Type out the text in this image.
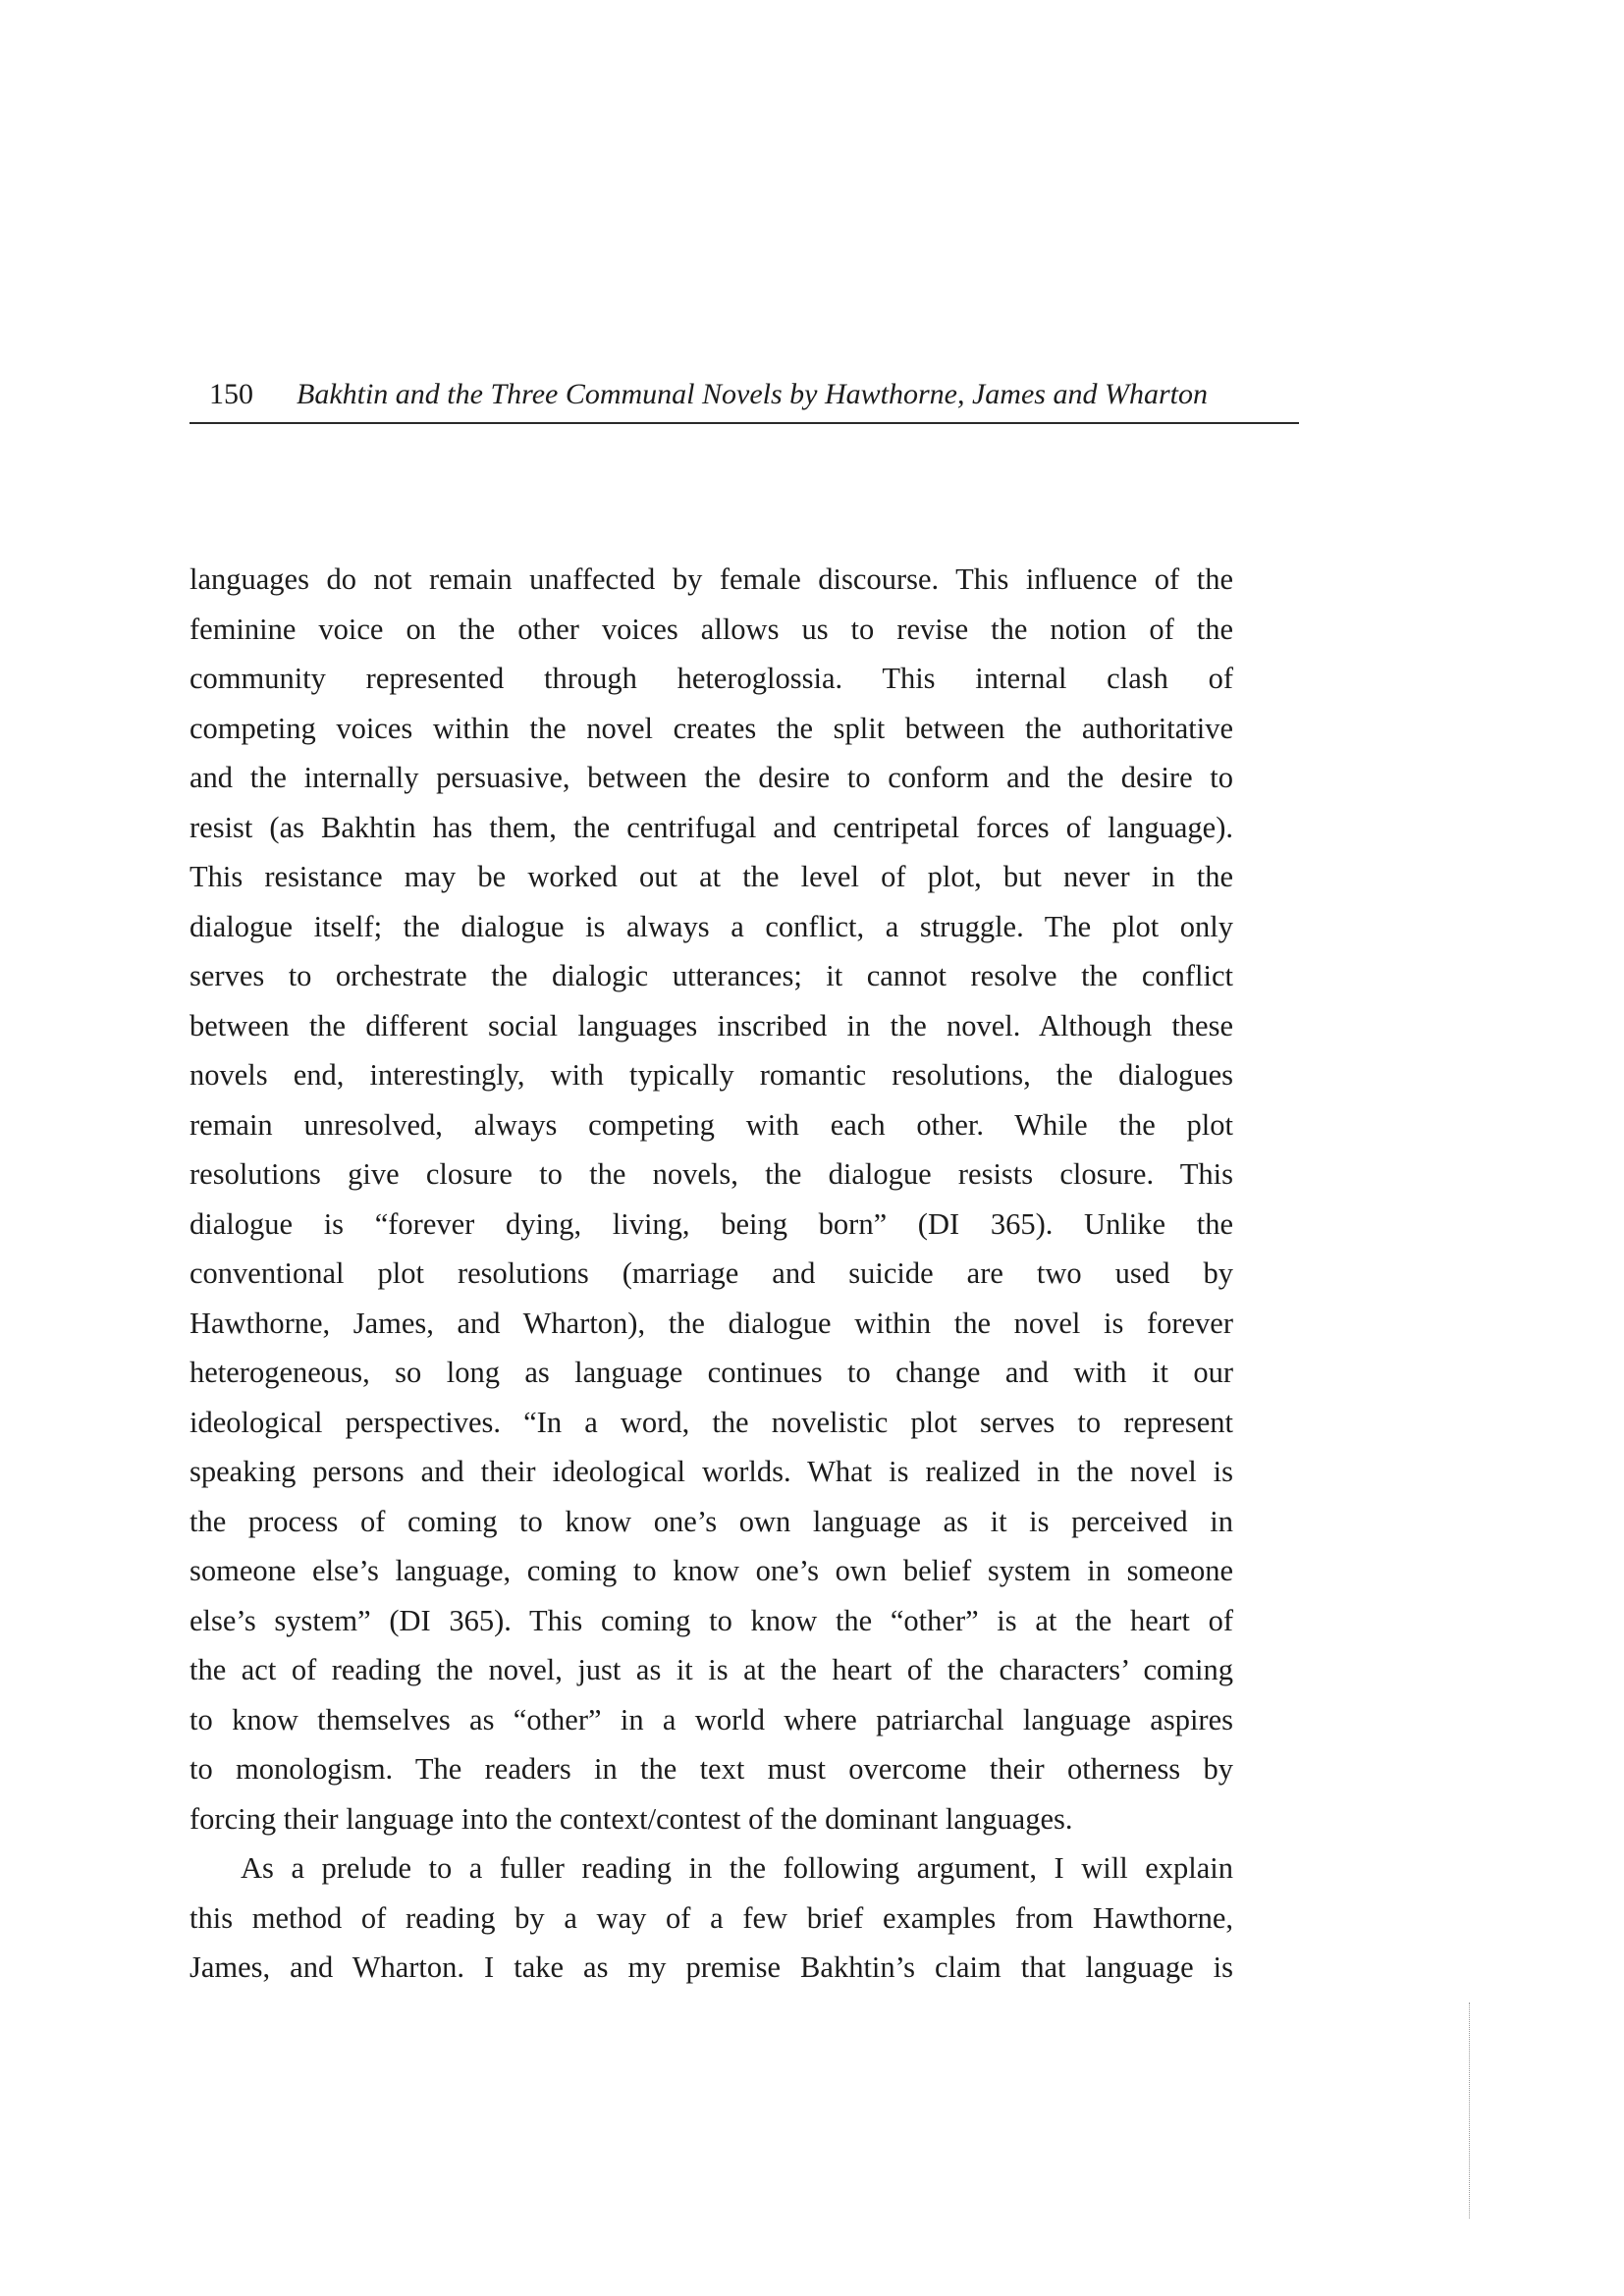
150 Bakhtin and the Three Communal Novels by Hawthorne, James and Wharton
languages do not remain unaffected by female discourse. This influence of the
feminine voice on the other voices allows us to revise the notion of the
community represented through heteroglossia. This internal clash of
competing voices within the novel creates the split between the authoritative
and the internally persuasive, between the desire to conform and the desire to
resist (as Bakhtin has them, the centrifugal and centripetal forces of language).
This resistance may be worked out at the level of plot, but never in the
dialogue itself; the dialogue is always a conflict, a struggle. The plot only
serves to orchestrate the dialogic utterances; it cannot resolve the conflict
between the different social languages inscribed in the novel. Although these
novels end, interestingly, with typically romantic resolutions, the dialogues
remain unresolved, always competing with each other. While the plot
resolutions give closure to the novels, the dialogue resists closure. This
dialogue is “forever dying, living, being born” (DI 365). Unlike the
conventional plot resolutions (marriage and suicide are two used by
Hawthorne, James, and Wharton), the dialogue within the novel is forever
heterogeneous, so long as language continues to change and with it our
ideological perspectives. “In a word, the novelistic plot serves to represent
speaking persons and their ideological worlds. What is realized in the novel is
the process of coming to know one’s own language as it is perceived in
someone else’s language, coming to know one’s own belief system in someone
else’s system” (DI 365). This coming to know the “other” is at the heart of
the act of reading the novel, just as it is at the heart of the characters’ coming
to know themselves as “other” in a world where patriarchal language aspires
to monologism. The readers in the text must overcome their otherness by
forcing their language into the context/contest of the dominant languages.
As a prelude to a fuller reading in the following argument, I will explain
this method of reading by a way of a few brief examples from Hawthorne,
James, and Wharton. I take as my premise Bakhtin’s claim that language is
